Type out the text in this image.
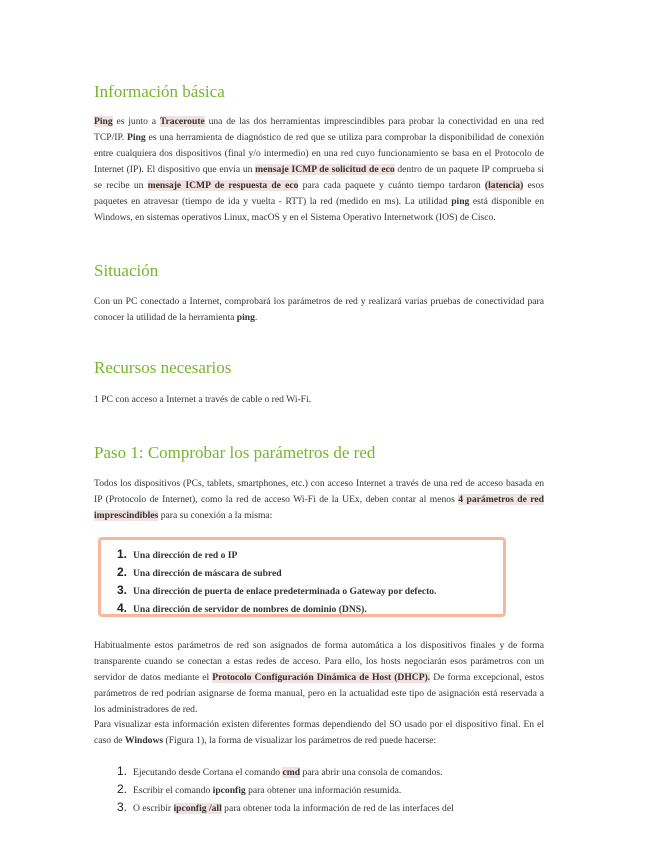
Información básica

Ping es junto a Traceroute una de las dos herramientas imprescindibles para probar la conectividad en una red TCP/IP. Ping es una herramienta de diagnóstico de red que se utiliza para comprobar la disponibilidad de conexión entre cualquiera dos dispositivos (final y/o intermedio) en una red cuyo funcionamiento se basa en el Protocolo de Internet (IP). El dispositivo que envía un mensaje ICMP de solicitud de eco dentro de un paquete IP comprueba si se recibe un mensaje ICMP de respuesta de eco para cada paquete y cuánto tiempo tardaron (latencia) esos paquetes en atravesar (tiempo de ida y vuelta - RTT) la red (medido en ms). La utilidad ping está disponible en Windows, en sistemas operativos Linux, macOS y en el Sistema Operativo Internetwork (IOS) de Cisco.

Situación

Con un PC conectado a Internet, comprobará los parámetros de red y realizará varias pruebas de conectividad para conocer la utilidad de la herramienta ping.

Recursos necesarios

1 PC con acceso a Internet a través de cable o red Wi-Fi.

Paso 1: Comprobar los parámetros de red

Todos los dispositivos (PCs, tablets, smartphones, etc.) con acceso Internet a través de una red de acceso basada en IP (Protocolo de Internet), como la red de acceso Wi-Fi de la UEx, deben contar al menos 4 parámetros de red imprescindibles para su conexión a la misma:

1. Una dirección de red o IP
2. Una dirección de máscara de subred
3. Una dirección de puerta de enlace predeterminada o Gateway por defecto.
4. Una dirección de servidor de nombres de dominio (DNS).

Habitualmente estos parámetros de red son asignados de forma automática a los dispositivos finales y de forma transparente cuando se conectan a estas redes de acceso. Para ello, los hosts negociarán esos parámetros con un servidor de datos mediante el Protocolo Configuración Dinámica de Host (DHCP). De forma excepcional, estos parámetros de red podrían asignarse de forma manual, pero en la actualidad este tipo de asignación está reservada a los administradores de red.

Para visualizar esta información existen diferentes formas dependiendo del SO usado por el dispositivo final. En el caso de Windows (Figura 1), la forma de visualizar los parámetros de red puede hacerse:

1. Ejecutando desde Cortana el comando cmd para abrir una consola de comandos.
2. Escribir el comando ipconfig para obtener una información resumida.
3. O escribir ipconfig /all para obtener toda la información de red de las interfaces del
